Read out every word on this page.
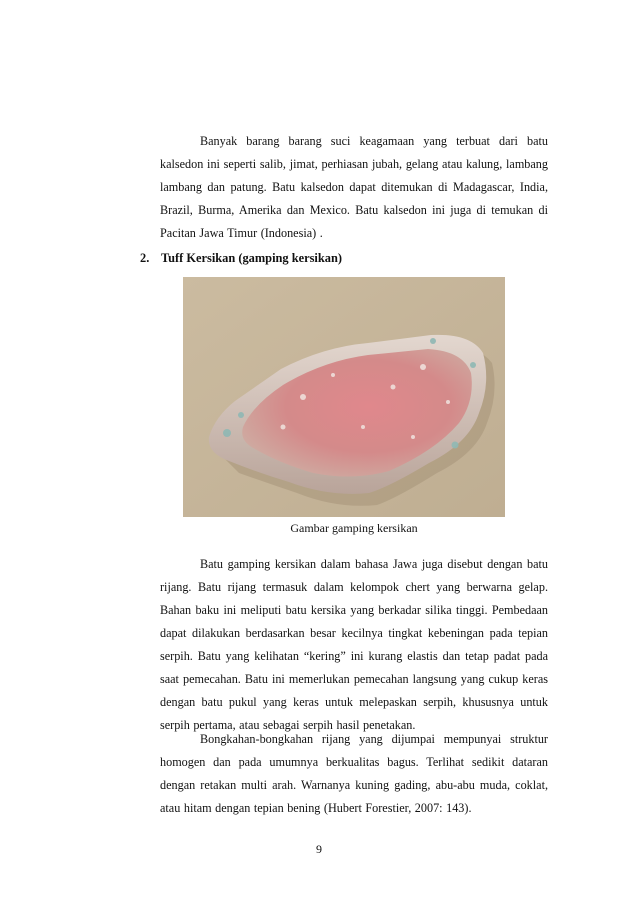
Banyak barang barang suci keagamaan yang terbuat dari batu kalsedon ini seperti salib, jimat, perhiasan jubah, gelang atau kalung, lambang lambang dan patung. Batu kalsedon dapat ditemukan di Madagascar, India, Brazil, Burma, Amerika dan Mexico. Batu kalsedon ini juga di temukan di Pacitan Jawa Timur (Indonesia) .

2. Tuff Kersikan (gamping kersikan)
Gambar gamping kersikan

Batu gamping kersikan dalam bahasa Jawa juga disebut dengan batu rijang. Batu rijang termasuk dalam kelompok chert yang berwarna gelap. Bahan baku ini meliputi batu kersika yang berkadar silika tinggi. Pembedaan dapat dilakukan berdasarkan besar kecilnya tingkat kebeningan pada tepian serpih. Batu yang kelihatan “kering” ini kurang elastis dan tetap padat pada saat pemecahan. Batu ini memerlukan pemecahan langsung yang cukup keras dengan batu pukul yang keras untuk melepaskan serpih, khususnya untuk serpih pertama, atau sebagai serpih hasil penetakan.

Bongkahan-bongkahan rijang yang dijumpai mempunyai struktur homogen dan pada umumnya berkualitas bagus. Terlihat sedikit dataran dengan retakan multi arah. Warnanya kuning gading, abu-abu muda, coklat, atau hitam dengan tepian bening (Hubert Forestier, 2007: 143).

9
